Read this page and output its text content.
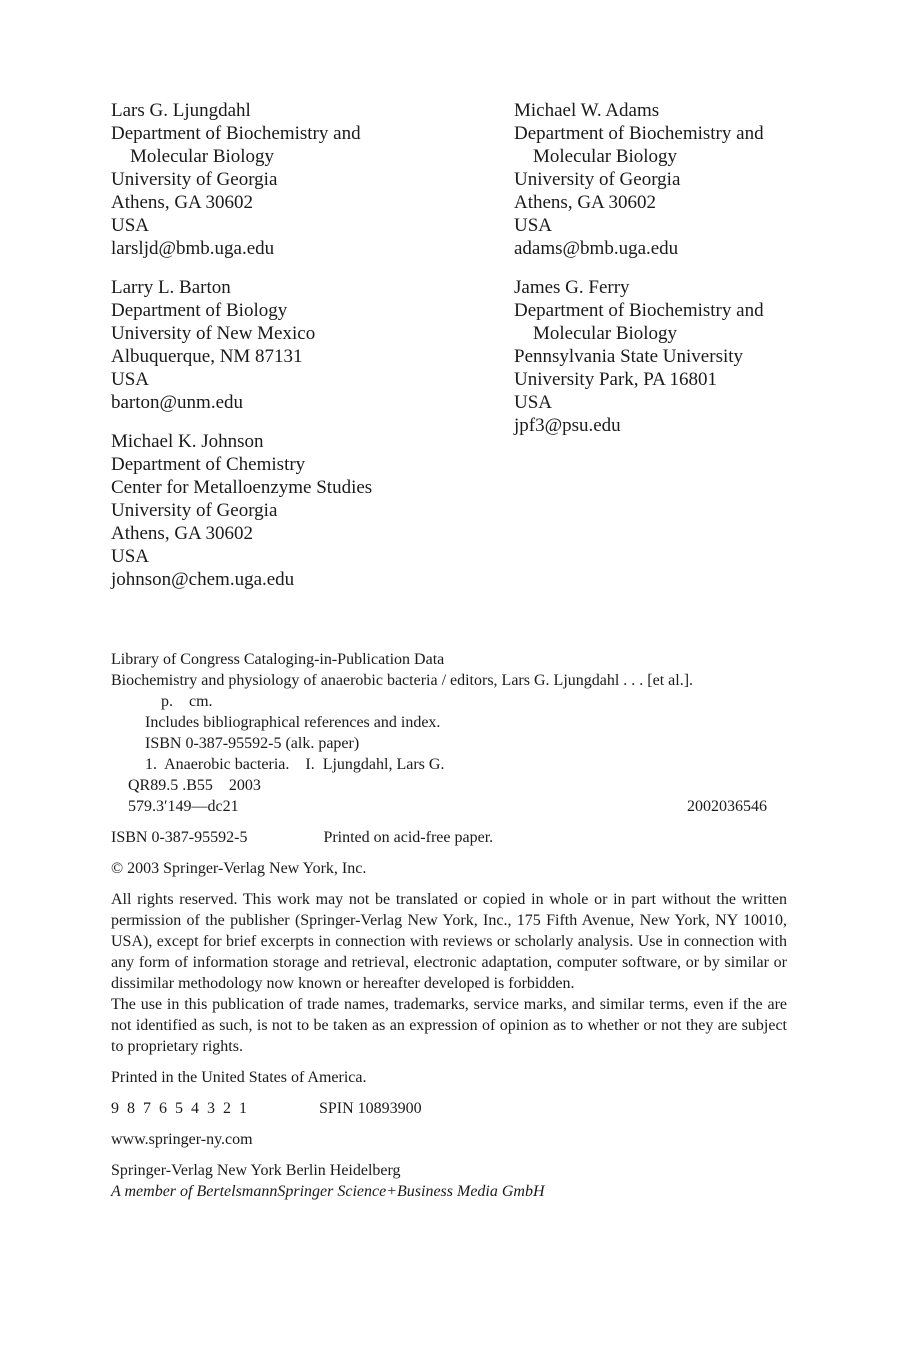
Lars G. Ljungdahl
Department of Biochemistry and
Molecular Biology
University of Georgia
Athens, GA 30602
USA
larsljd@bmb.uga.edu
Larry L. Barton
Department of Biology
University of New Mexico
Albuquerque, NM 87131
USA
barton@unm.edu
Michael K. Johnson
Department of Chemistry
Center for Metalloenzyme Studies
University of Georgia
Athens, GA 30602
USA
johnson@chem.uga.edu
Michael W. Adams
Department of Biochemistry and
Molecular Biology
University of Georgia
Athens, GA 30602
USA
adams@bmb.uga.edu
James G. Ferry
Department of Biochemistry and
Molecular Biology
Pennsylvania State University
University Park, PA 16801
USA
jpf3@psu.edu
Library of Congress Cataloging-in-Publication Data
Biochemistry and physiology of anaerobic bacteria / editors, Lars G. Ljungdahl . . . [et al.].
p.    cm.
Includes bibliographical references and index.
ISBN 0-387-95592-5 (alk. paper)
1.  Anaerobic bacteria.    I.  Ljungdahl, Lars G.
QR89.5 .B55    2003
579.3′149—dc21	2002036546
ISBN 0-387-95592-5	Printed on acid-free paper.
© 2003 Springer-Verlag New York, Inc.

All rights reserved. This work may not be translated or copied in whole or in part without the written permission of the publisher (Springer-Verlag New York, Inc., 175 Fifth Avenue, New York, NY 10010, USA), except for brief excerpts in connection with reviews or scholarly analysis. Use in connection with any form of information storage and retrieval, electronic adaptation, computer software, or by similar or dissimilar methodology now known or hereafter developed is forbidden.

The use in this publication of trade names, trademarks, service marks, and similar terms, even if the are not identified as such, is not to be taken as an expression of opinion as to whether or not they are subject to proprietary rights.

Printed in the United States of America.
9  8  7  6  5  4  3  2  1	SPIN 10893900
www.springer-ny.com
Springer-Verlag New York Berlin Heidelberg
A member of BertelsmannSpringer Science+Business Media GmbH
